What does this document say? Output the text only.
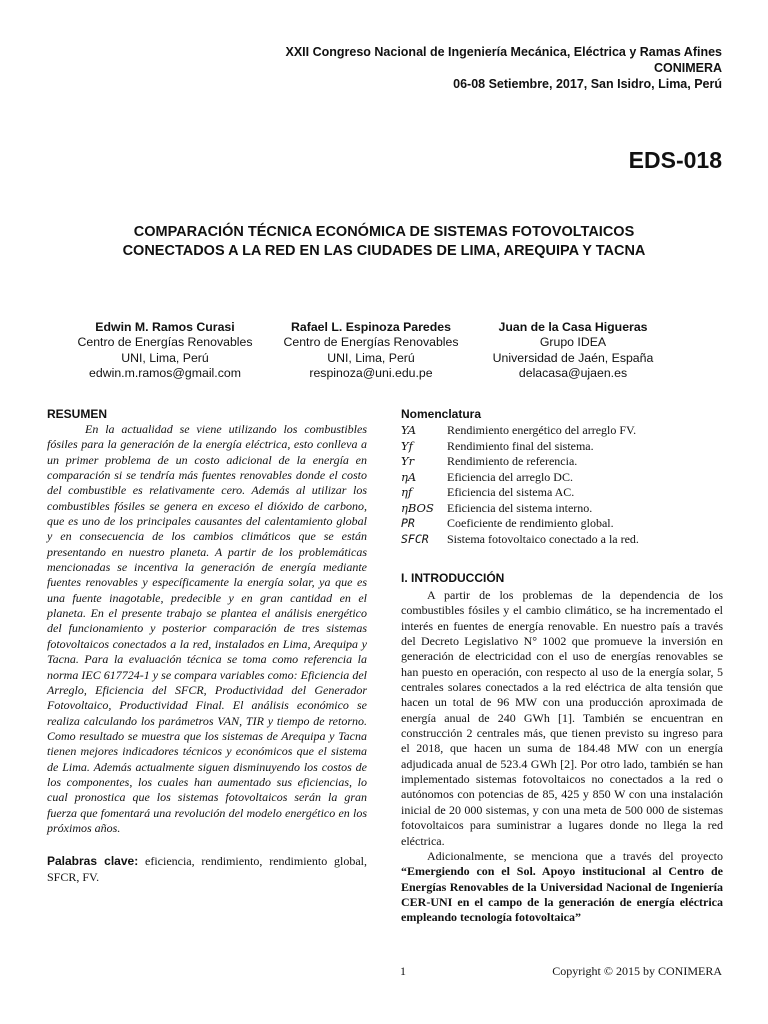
XXII Congreso Nacional de Ingeniería Mecánica, Eléctrica y Ramas Afines
CONIMERA
06-08 Setiembre, 2017, San Isidro, Lima, Perú
EDS-018
COMPARACIÓN TÉCNICA ECONÓMICA DE SISTEMAS FOTOVOLTAICOS
CONECTADOS A LA RED EN LAS CIUDADES DE LIMA, AREQUIPA Y TACNA
Edwin M. Ramos Curasi
Centro de Energías Renovables
UNI, Lima, Perú
edwin.m.ramos@gmail.com
Rafael L. Espinoza Paredes
Centro de Energías Renovables
UNI, Lima, Perú
respinoza@uni.edu.pe
Juan de la Casa Higueras
Grupo IDEA
Universidad de Jaén, España
delacasa@ujaen.es
RESUMEN

En la actualidad se viene utilizando los combustibles fósiles para la generación de la energía eléctrica, esto conlleva a un primer problema de un costo adicional de la energía en comparación si se tendría más fuentes renovables donde el costo del combustible es relativamente cero. Además al utilizar los combustibles fósiles se genera en exceso el dióxido de carbono, que es uno de los principales causantes del calentamiento global y en consecuencia de los cambios climáticos que se están presentando en nuestro planeta. A partir de los problemáticas mencionadas se incentiva la generación de energía mediante fuentes renovables y específicamente la energía solar, ya que es una fuente inagotable, predecible y en gran cantidad en el planeta. En el presente trabajo se plantea el análisis energético del funcionamiento y posterior comparación de tres sistemas fotovoltaicos conectados a la red, instalados en Lima, Arequipa y Tacna. Para la evaluación técnica se toma como referencia la norma IEC 617724-1 y se compara variables como: Eficiencia del Arreglo, Eficiencia del SFCR, Productividad del Generador Fotovoltaico, Productividad Final. El análisis económico se realiza calculando los parámetros VAN, TIR y tiempo de retorno. Como resultado se muestra que los sistemas de Arequipa y Tacna tienen mejores indicadores técnicos y económicos que el sistema de Lima. Además actualmente siguen disminuyendo los costos de los componentes, los cuales han aumentado sus eficiencias, lo cual pronostica que los sistemas fotovoltaicos serán la gran fuerza que fomentará una revolución del modelo energético en los próximos años.

Palabras clave: eficiencia, rendimiento, rendimiento global, SFCR, FV.
Nomenclatura
YA	Rendimiento energético del arreglo FV.
Yf	Rendimiento final del sistema.
Yr	Rendimiento de referencia.
ηA	Eficiencia del arreglo DC.
ηf	Eficiencia del sistema AC.
ηBOS	Eficiencia del sistema interno.
PR	Coeficiente de rendimiento global.
SFCR	Sistema fotovoltaico conectado a la red.
I. INTRODUCCIÓN

A partir de los problemas de la dependencia de los combustibles fósiles y el cambio climático, se ha incrementado el interés en fuentes de energía renovable. En nuestro país a través del Decreto Legislativo N° 1002 que promueve la inversión en generación de electricidad con el uso de energías renovables se han puesto en operación, con respecto al uso de la energía solar, 5 centrales solares conectados a la red eléctrica de alta tensión que hacen un total de 96 MW con una producción aproximada de energía anual de 240 GWh [1]. También se encuentran en construcción 2 centrales más, que tienen previsto su ingreso para el 2018, que hacen un suma de 184.48 MW con un energía adjudicada anual de 523.4 GWh [2]. Por otro lado, también se han implementado sistemas fotovoltaicos no conectados a la red o autónomos con potencias de 85, 425 y 850 W con una instalación inicial de 20 000 sistemas, y con una meta de 500 000 de sistemas fotovoltaicos para suministrar a lugares donde no llega la red eléctrica.

Adicionalmente, se menciona que a través del proyecto “Emergiendo con el Sol. Apoyo institucional al Centro de Energías Renovables de la Universidad Nacional de Ingeniería CER-UNI en el campo de la generación de energía eléctrica empleando tecnología fotovoltaica”

1	Copyright © 2015 by CONIMERA
